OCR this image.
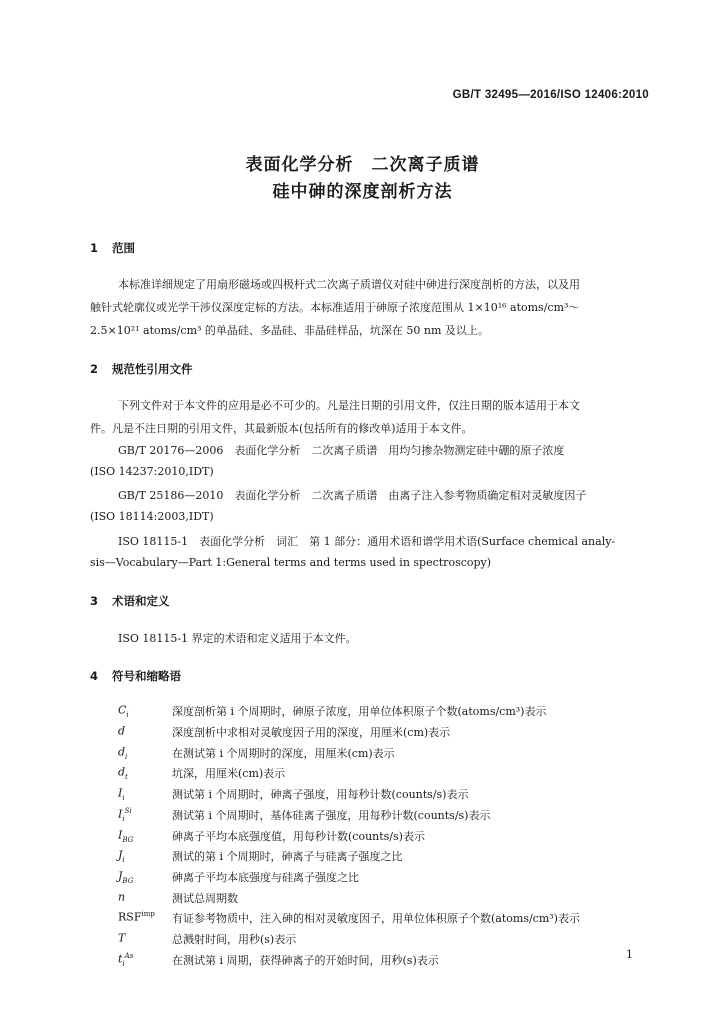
GB/T 32495—2016/ISO 12406:2010
表面化学分析　二次离子质谱
硅中砷的深度剖析方法
1 范围
本标准详细规定了用扇形磁场或四极杆式二次离子质谱仪对硅中砷进行深度剖析的方法，以及用
触针式轮廓仪或光学干涉仪深度定标的方法。本标准适用于砷原子浓度范围从 1×10¹⁶ atoms/cm³～
2.5×10²¹ atoms/cm³ 的单晶硅、多晶硅、非晶硅样品，坑深在 50 nm 及以上。
2 规范性引用文件
下列文件对于本文件的应用是必不可少的。凡是注日期的引用文件，仅注日期的版本适用于本文
件。凡是不注日期的引用文件，其最新版本(包括所有的修改单)适用于本文件。
GB/T 20176—2006　表面化学分析　二次离子质谱　用均匀掺杂物测定硅中硼的原子浓度
(ISO 14237:2010,IDT)
GB/T 25186—2010　表面化学分析　二次离子质谱　由离子注入参考物质确定相对灵敏度因子
(ISO 18114:2003,IDT)
ISO 18115-1　表面化学分析　词汇　第 1 部分：通用术语和谱学用术语(Surface chemical analy-
sis—Vocabulary—Part 1:General terms and terms used in spectroscopy)
3 术语和定义
ISO 18115-1 界定的术语和定义适用于本文件。
4 符号和缩略语
$C_i$	深度剖析第 i 个周期时，砷原子浓度，用单位体积原子个数(atoms/cm³)表示
d	深度剖析中求相对灵敏度因子用的深度，用厘米(cm)表示
$d_i$	在测试第 i 个周期时的深度，用厘米(cm)表示
$d_t$	坑深，用厘米(cm)表示
$I_i$	测试第 i 个周期时，砷离子强度，用每秒计数(counts/s)表示
$I_i^{Si}$	测试第 i 个周期时，基体硅离子强度，用每秒计数(counts/s)表示
$I_{BG}$	砷离子平均本底强度值，用每秒计数(counts/s)表示
$J_i$	测试的第 i 个周期时，砷离子与硅离子强度之比
$J_{BG}$	砷离子平均本底强度与硅离子强度之比
n	测试总周期数
$RSF^{imp}$ 有证参考物质中，注入砷的相对灵敏度因子，用单位体积原子个数(atoms/cm³)表示
T	总溅射时间，用秒(s)表示
$t_i^{As}$	在测试第 i 周期，获得砷离子的开始时间，用秒(s)表示	1
